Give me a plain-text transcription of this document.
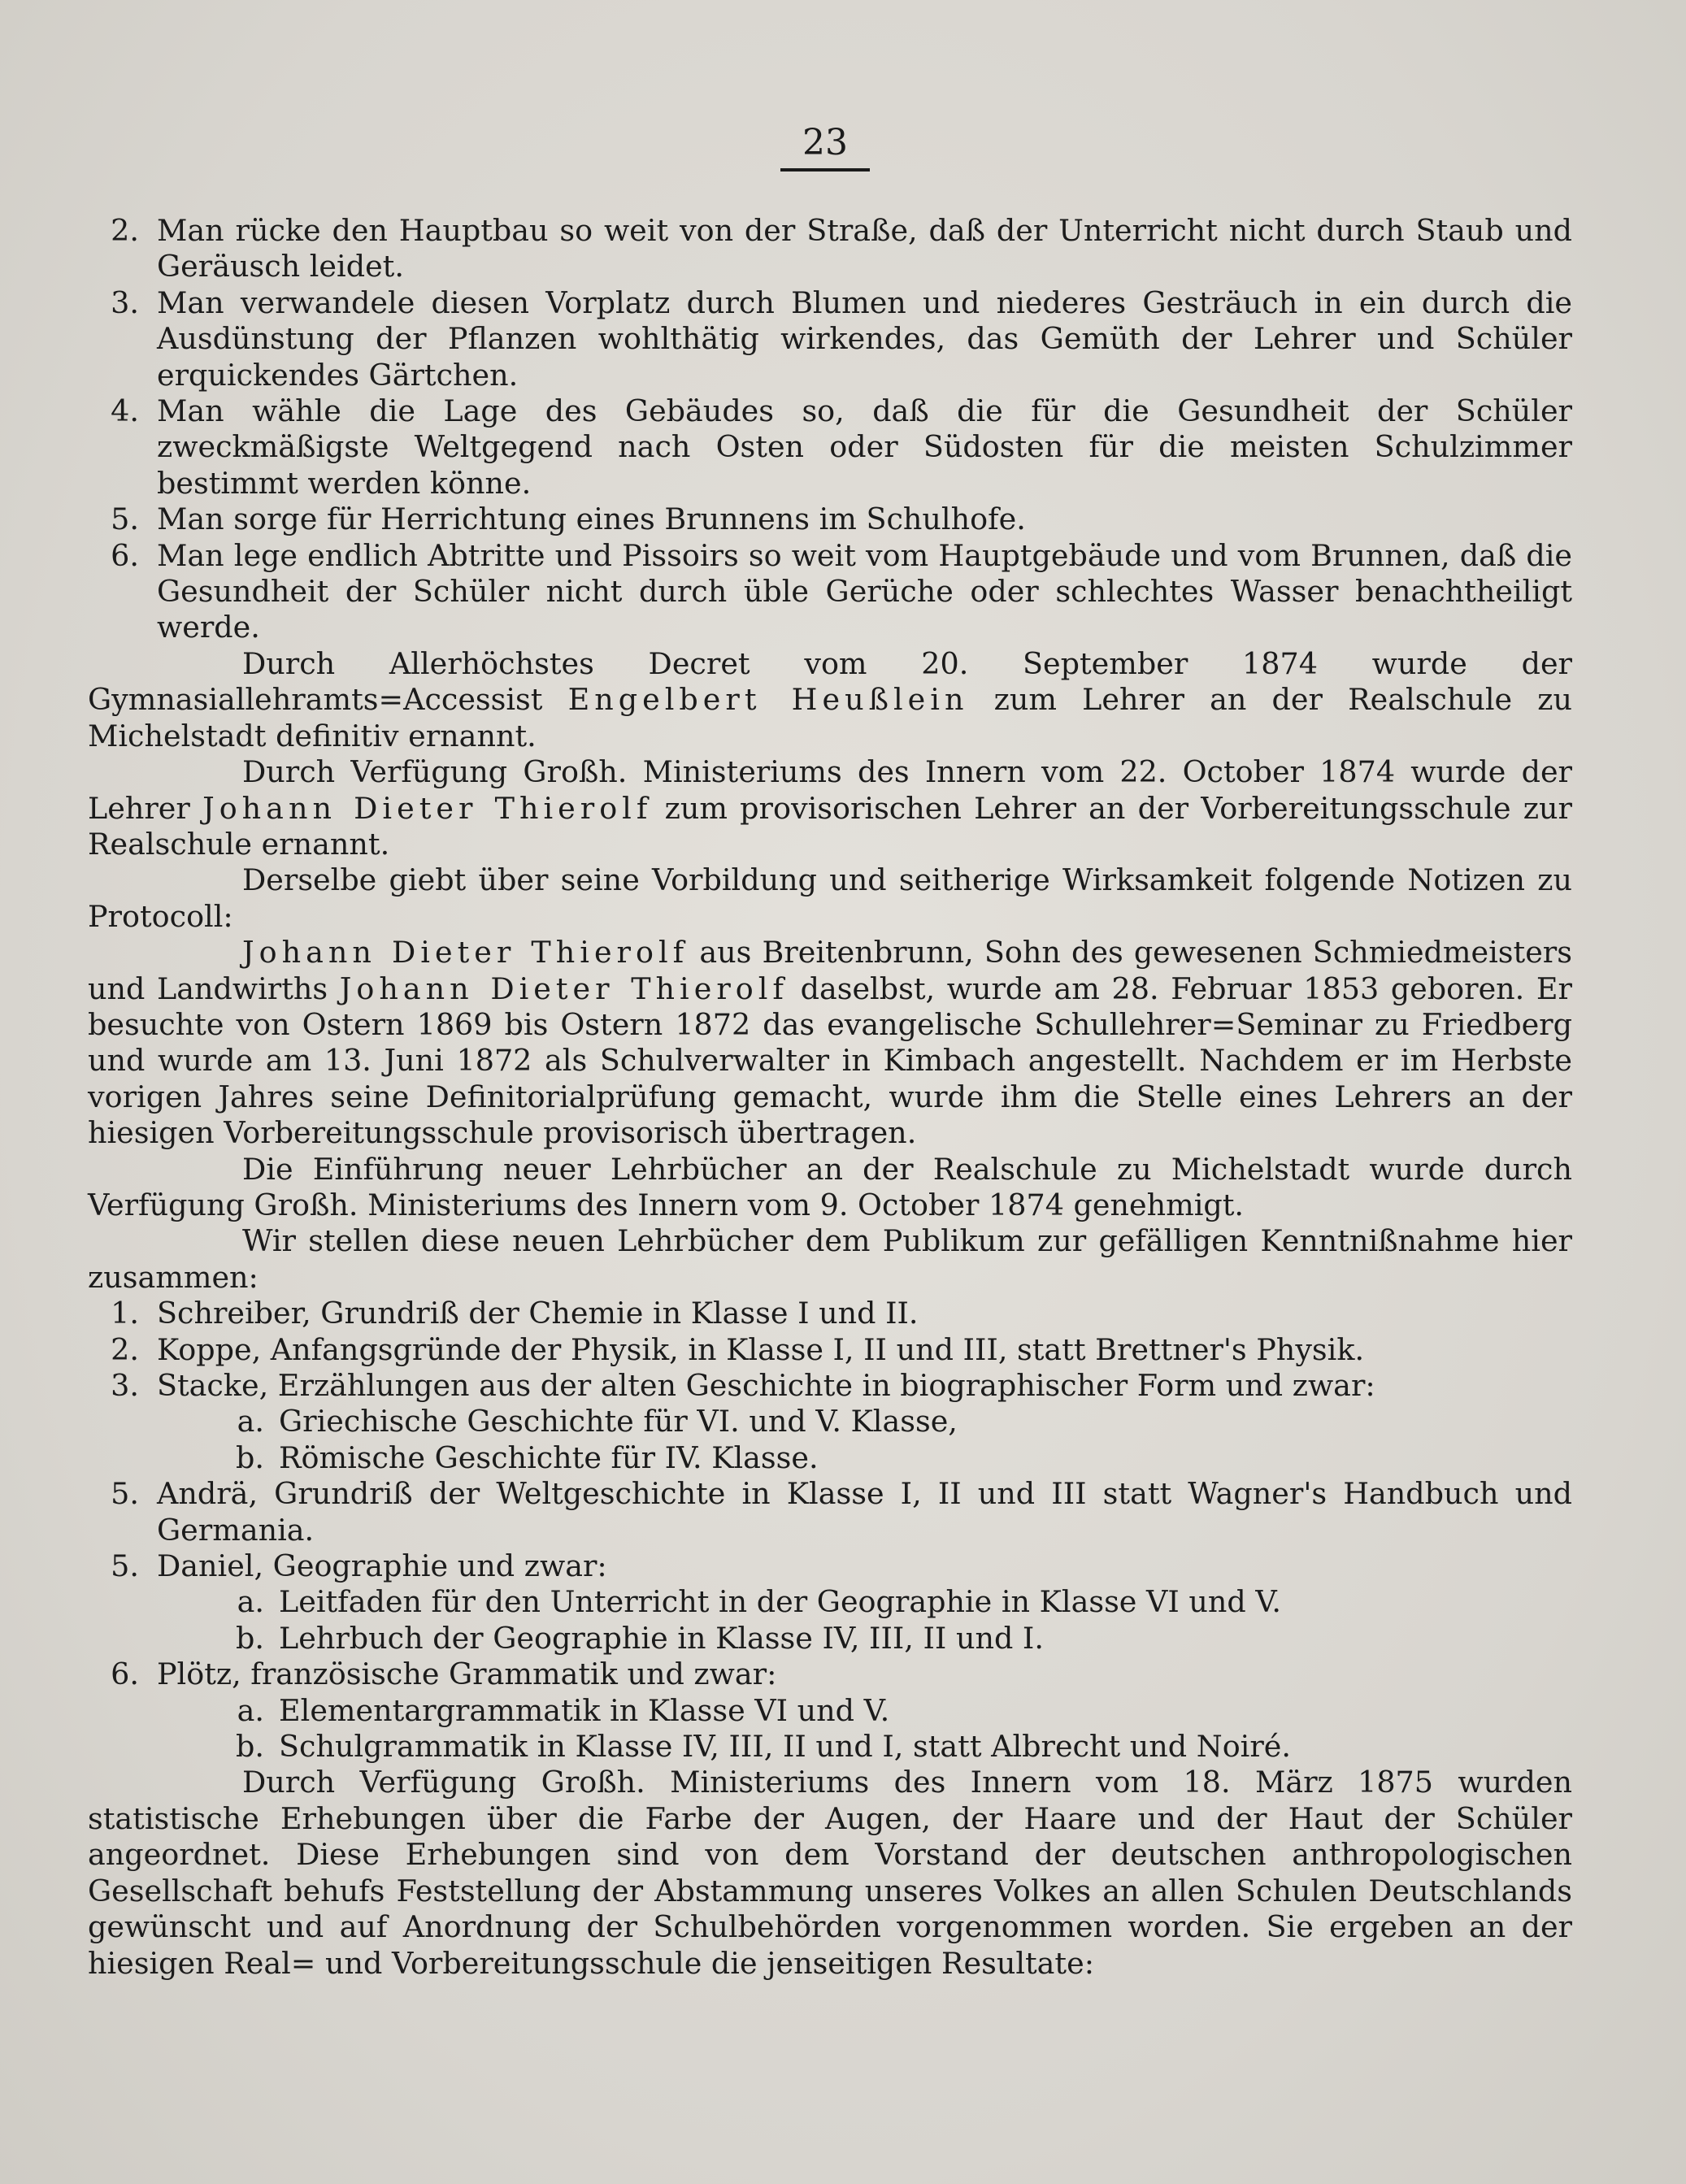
23
2. Man rücke den Hauptbau so weit von der Straße, daß der Unterricht nicht durch Staub und Geräusch leidet.
3. Man verwandele diesen Vorplatz durch Blumen und niederes Gesträuch in ein durch die Ausdünstung der Pflanzen wohlthätig wirkendes, das Gemüth der Lehrer und Schüler erquickendes Gärtchen.
4. Man wähle die Lage des Gebäudes so, daß die für die Gesundheit der Schüler zweckmäßigste Weltgegend nach Osten oder Südosten für die meisten Schulzimmer bestimmt werden könne.
5. Man sorge für Herrichtung eines Brunnens im Schulhofe.
6. Man lege endlich Abtritte und Pissoirs so weit vom Hauptgebäude und vom Brunnen, daß die Gesundheit der Schüler nicht durch üble Gerüche oder schlechtes Wasser benachtheiligt werde.
Durch Allerhöchstes Decret vom 20. September 1874 wurde der Gymnasiallehramts=Accessist Engelbert Heußlein zum Lehrer an der Realschule zu Michelstadt definitiv ernannt.
Durch Verfügung Großh. Ministeriums des Innern vom 22. October 1874 wurde der Lehrer Johann Dieter Thierolf zum provisorischen Lehrer an der Vorbereitungsschule zur Realschule ernannt.
Derselbe giebt über seine Vorbildung und seitherige Wirksamkeit folgende Notizen zu Protocoll:
Johann Dieter Thierolf aus Breitenbrunn, Sohn des gewesenen Schmiedmeisters und Landwirths Johann Dieter Thierolf daselbst, wurde am 28. Februar 1853 geboren. Er besuchte von Ostern 1869 bis Ostern 1872 das evangelische Schullehrer=Seminar zu Friedberg und wurde am 13. Juni 1872 als Schulverwalter in Kimbach angestellt. Nachdem er im Herbste vorigen Jahres seine Definitorialprüfung gemacht, wurde ihm die Stelle eines Lehrers an der hiesigen Vorbereitungsschule provisorisch übertragen.
Die Einführung neuer Lehrbücher an der Realschule zu Michelstadt wurde durch Verfügung Großh. Ministeriums des Innern vom 9. October 1874 genehmigt.
Wir stellen diese neuen Lehrbücher dem Publikum zur gefälligen Kenntnißnahme hier zusammen:
1. Schreiber, Grundriß der Chemie in Klasse I und II.
2. Koppe, Anfangsgründe der Physik, in Klasse I, II und III, statt Brettner's Physik.
3. Stacke, Erzählungen aus der alten Geschichte in biographischer Form und zwar:
a. Griechische Geschichte für VI. und V. Klasse,
b. Römische Geschichte für IV. Klasse.
5. Andrä, Grundriß der Weltgeschichte in Klasse I, II und III statt Wagner's Handbuch und Germania.
5. Daniel, Geographie und zwar:
a. Leitfaden für den Unterricht in der Geographie in Klasse VI und V.
b. Lehrbuch der Geographie in Klasse IV, III, II und I.
6. Plötz, französische Grammatik und zwar:
a. Elementargrammatik in Klasse VI und V.
b. Schulgrammatik in Klasse IV, III, II und I, statt Albrecht und Noiré.
Durch Verfügung Großh. Ministeriums des Innern vom 18. März 1875 wurden statistische Erhebungen über die Farbe der Augen, der Haare und der Haut der Schüler angeordnet. Diese Erhebungen sind von dem Vorstand der deutschen anthropologischen Gesellschaft behufs Feststellung der Abstammung unseres Volkes an allen Schulen Deutschlands gewünscht und auf Anordnung der Schulbehörden vorgenommen worden. Sie ergeben an der hiesigen Real= und Vorbereitungsschule die jenseitigen Resultate:
